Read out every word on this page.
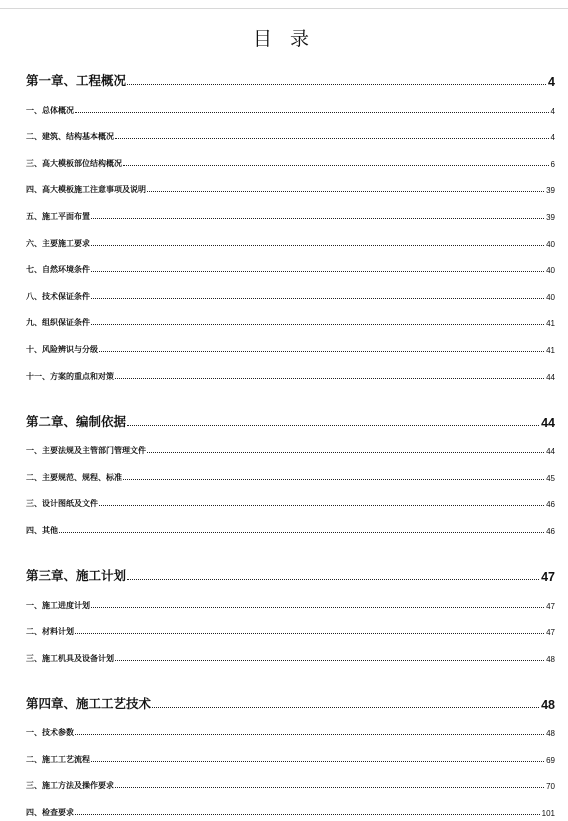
目 录
第一章、工程概况	4
一、总体概况	4
二、建筑、结构基本概况	4
三、高大模板部位结构概况	6
四、高大模板施工注意事项及说明	39
五、施工平面布置	39
六、主要施工要求	40
七、自然环境条件	40
八、技术保证条件	40
九、组织保证条件	41
十、风险辨识与分级	41
十一、方案的重点和对策	44
第二章、编制依据	44
一、主要法规及主管部门管理文件	44
二、主要规范、规程、标准	45
三、设计图纸及文件	46
四、其他	46
第三章、施工计划	47
一、施工进度计划	47
二、材料计划	47
三、施工机具及设备计划	48
第四章、施工工艺技术	48
一、技术参数	48
二、施工工艺流程	69
三、施工方法及操作要求	70
四、检查要求	101
